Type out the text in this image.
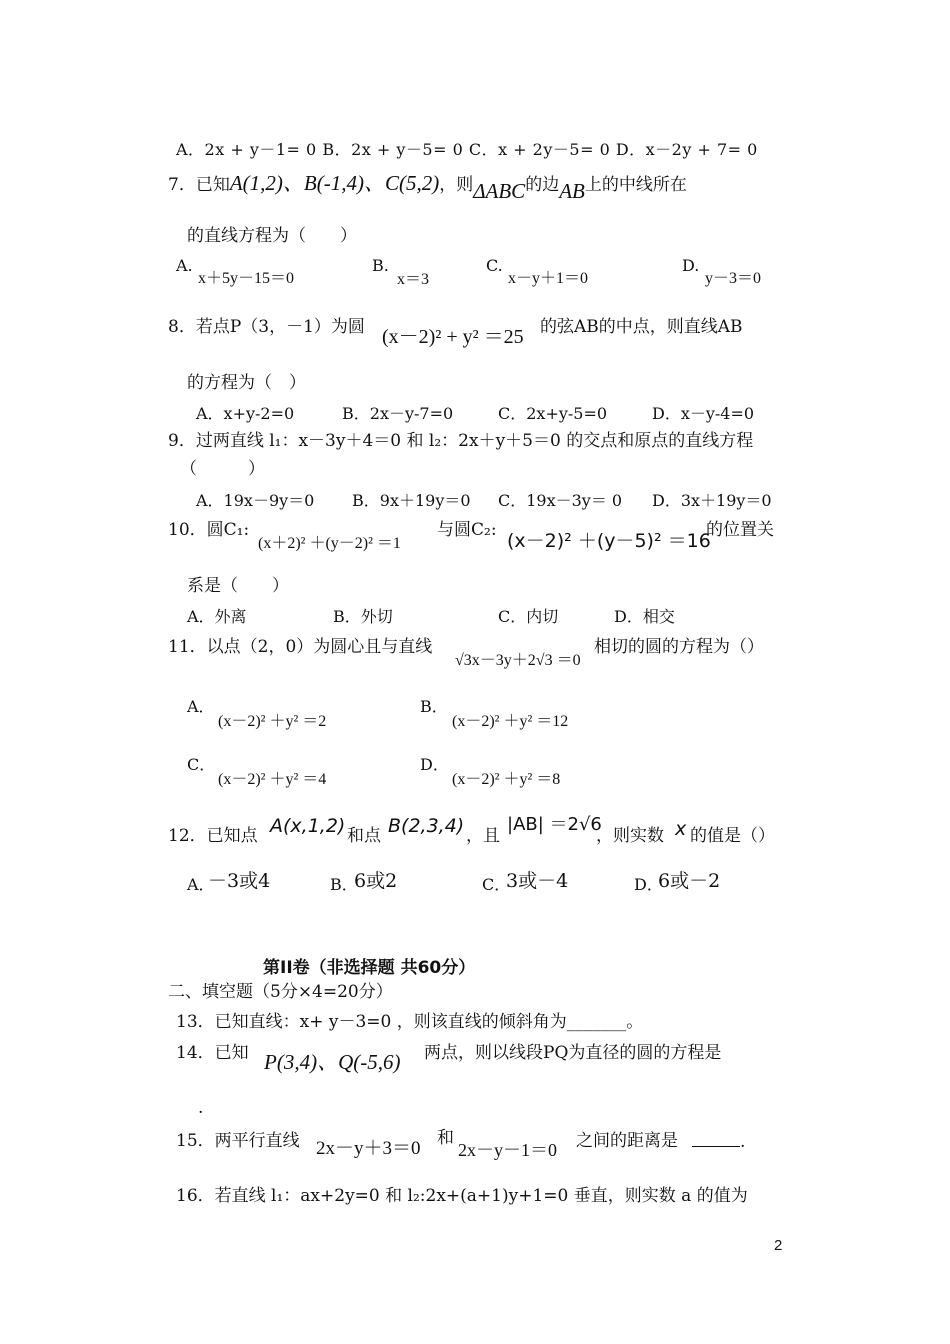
A．2x + y－1= 0 B．2x + y－5= 0 C．x + 2y－5= 0 D．x－2y + 7= 0
7．已知A(1,2)、B(-1,4)、C(5,2)，则ΔABC的边AB上的中线所在
的直线方程为（　　）
A.
x＋5y－15＝0
B.
x＝3
C.
x－y＋1＝0
D.
y－3＝0
8．若点P（3，－1）为圆 (x－2)² + y² ＝25 的弦AB的中点，则直线AB
的方程为（　）
A．x+y-2=0	B．2x－y-7=0	C．2x+y-5=0	D．x－y-4=0
9．过两直线 l₁：x－3y＋4＝0 和 l₂：2x＋y＋5＝0 的交点和原点的直线方程
（　　　）
A．19x－9y＝0 B．9x＋19y＝0 C．19x－3y＝ 0 D．3x＋19y＝0
10．圆C₁:
(x＋2)² ＋(y－2)² ＝1
与圆C₂: (x－2)² ＋(y－5)² ＝16
的位置关
系是（　　）
A．外离	B．外切	C．内切	D．相交
11．以点（2，0）为圆心且与直线
√3x－3y＋2√3 ＝0
相切的圆的方程为（）
A．
(x－2)² ＋y² ＝2
B．
(x－2)² ＋y² ＝12
C．
(x－2)² ＋y² ＝4
D．
(x－2)² ＋y² ＝8
12．已知点 A(x,1,2) 和点 B(2,3,4) ，且
|AB| ＝2√6
，则实数 x 的值是（）
A．
－3或4	B．
6或2	C．
3或－4	D．
6或－2
第II卷（非选择题 共60分）
二、填空题（5分×4=20分）
13．已知直线：x+ y－3=0 ，则该直线的倾斜角为_______。
14．已知 P(3,4)、Q(-5,6) 两点，则以线段PQ为直径的圆的方程是
.
15．两平行直线 2x－y＋3＝0 和
2x－y－1＝0 之间的距离是	.
16．若直线 l₁：ax+2y=0 和 l₂:2x+(a+1)y+1=0 垂直，则实数 a 的值为
2
